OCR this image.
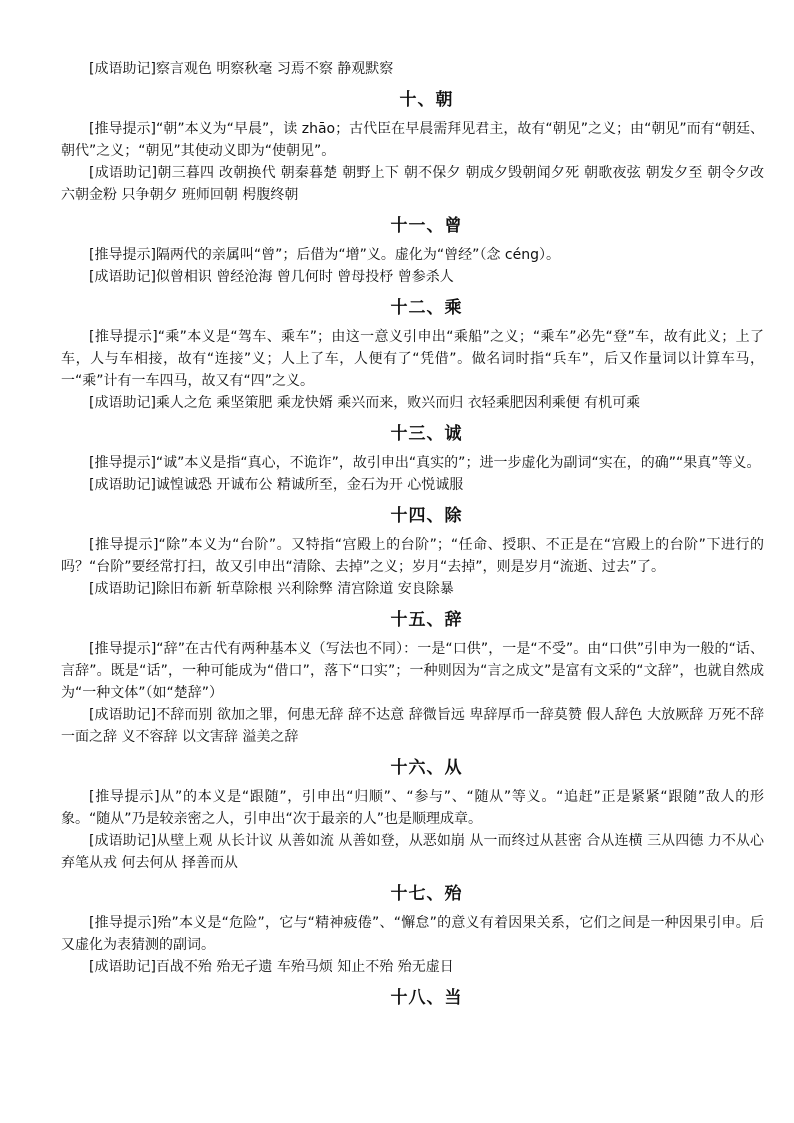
[成语助记]察言观色 明察秋毫 习焉不察 静观默察

十、朝

[推导提示]“朝”本义为“早晨”，读 zhāo；古代臣在早晨需拜见君主，故有“朝见”之义；由“朝见”而有“朝廷、朝代”之义；“朝见”其使动义即为“使朝见”。

[成语助记]朝三暮四 改朝换代 朝秦暮楚 朝野上下 朝不保夕 朝成夕毁朝闻夕死 朝歌夜弦 朝发夕至 朝令夕改 六朝金粉 只争朝夕 班师回朝 枵腹终朝

十一、曾

[推导提示]隔两代的亲属叫“曾”；后借为“增”义。虚化为“曾经”（念 céng）。

[成语助记]似曾相识 曾经沧海 曾几何时 曾母投杼 曾参杀人

十二、乘

[推导提示]“乘”本义是“驾车、乘车”；由这一意义引申出“乘船”之义；“乘车”必先“登”车，故有此义；上了车，人与车相接，故有“连接”义；人上了车，人便有了“凭借”。做名词时指“兵车”，后又作量词以计算车马，一“乘”计有一车四马，故又有“四”之义。

[成语助记]乘人之危 乘坚策肥 乘龙快婿 乘兴而来，败兴而归 衣轻乘肥因利乘便 有机可乘

十三、诚

[推导提示]“诚”本义是指“真心，不诡诈”，故引申出“真实的”；进一步虚化为副词“实在，的确”“果真”等义。

[成语助记]诚惶诚恐 开诚布公 精诚所至，金石为开 心悦诚服

十四、除

[推导提示]“除”本义为“台阶”。又特指“宫殿上的台阶”；“任命、授职、不正是在“宫殿上的台阶”下进行的吗？“台阶”要经常打扫，故又引申出“清除、去掉”之义；岁月“去掉”，则是岁月“流逝、过去”了。

[成语助记]除旧布新 斩草除根 兴利除弊 清宫除道 安良除暴

十五、辞

[推导提示]“辞”在古代有两种基本义（写法也不同）：一是“口供”，一是“不受”。由“口供”引申为一般的“话、言辞”。既是“话”，一种可能成为“借口”，落下“口实”；一种则因为“言之成文”是富有文采的“文辞”，也就自然成为“一种文体”（如“楚辞”）

[成语助记]不辞而别 欲加之罪，何患无辞 辞不达意 辞微旨远 卑辞厚币一辞莫赞 假人辞色 大放厥辞 万死不辞 一面之辞 义不容辞 以文害辞 溢美之辞

十六、从

[推导提示]从”的本义是“跟随”，引申出“归顺”、“参与”、“随从”等义。“追赶”正是紧紧“跟随”敌人的形象。“随从”乃是较亲密之人，引申出“次于最亲的人”也是顺理成章。

[成语助记]从壁上观 从长计议 从善如流 从善如登，从恶如崩 从一而终过从甚密 合从连横 三从四德 力不从心 弃笔从戎 何去何从 择善而从

十七、殆

[推导提示]殆”本义是“危险”，它与“精神疲倦”、“懈怠”的意义有着因果关系，它们之间是一种因果引申。后又虚化为表猜测的副词。

[成语助记]百战不殆 殆无孑遗 车殆马烦 知止不殆 殆无虚日

十八、当
